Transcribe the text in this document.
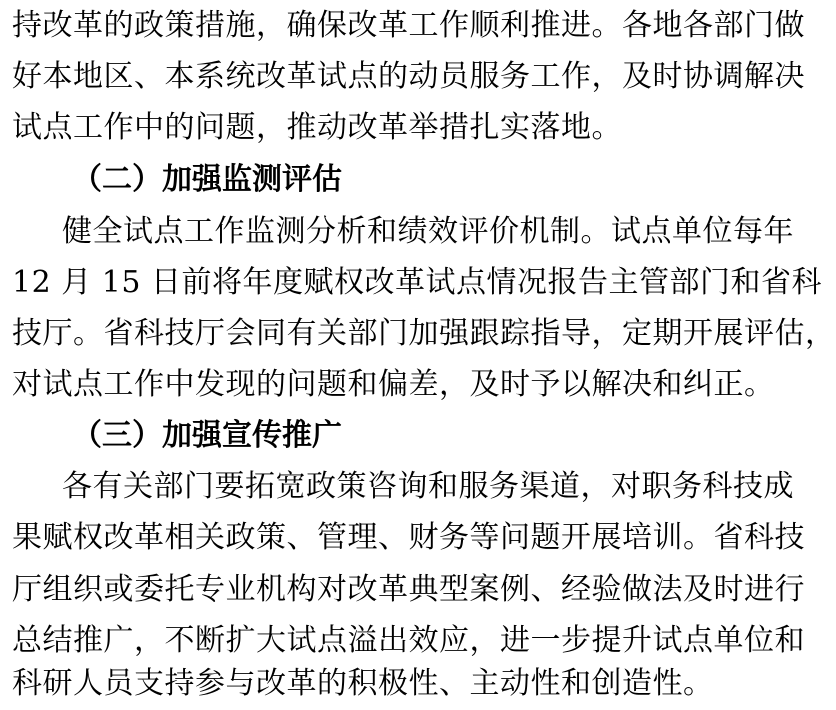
持改革的政策措施，确保改革工作顺利推进。各地各部门做
好本地区、本系统改革试点的动员服务工作，及时协调解决
试点工作中的问题，推动改革举措扎实落地。
（二）加强监测评估
健全试点工作监测分析和绩效评价机制。试点单位每年
12 月 15 日前将年度赋权改革试点情况报告主管部门和省科
技厅。省科技厅会同有关部门加强跟踪指导，定期开展评估，
对试点工作中发现的问题和偏差，及时予以解决和纠正。
（三）加强宣传推广
各有关部门要拓宽政策咨询和服务渠道，对职务科技成
果赋权改革相关政策、管理、财务等问题开展培训。省科技
厅组织或委托专业机构对改革典型案例、经验做法及时进行
总结推广，不断扩大试点溢出效应，进一步提升试点单位和
科研人员支持参与改革的积极性、主动性和创造性。
